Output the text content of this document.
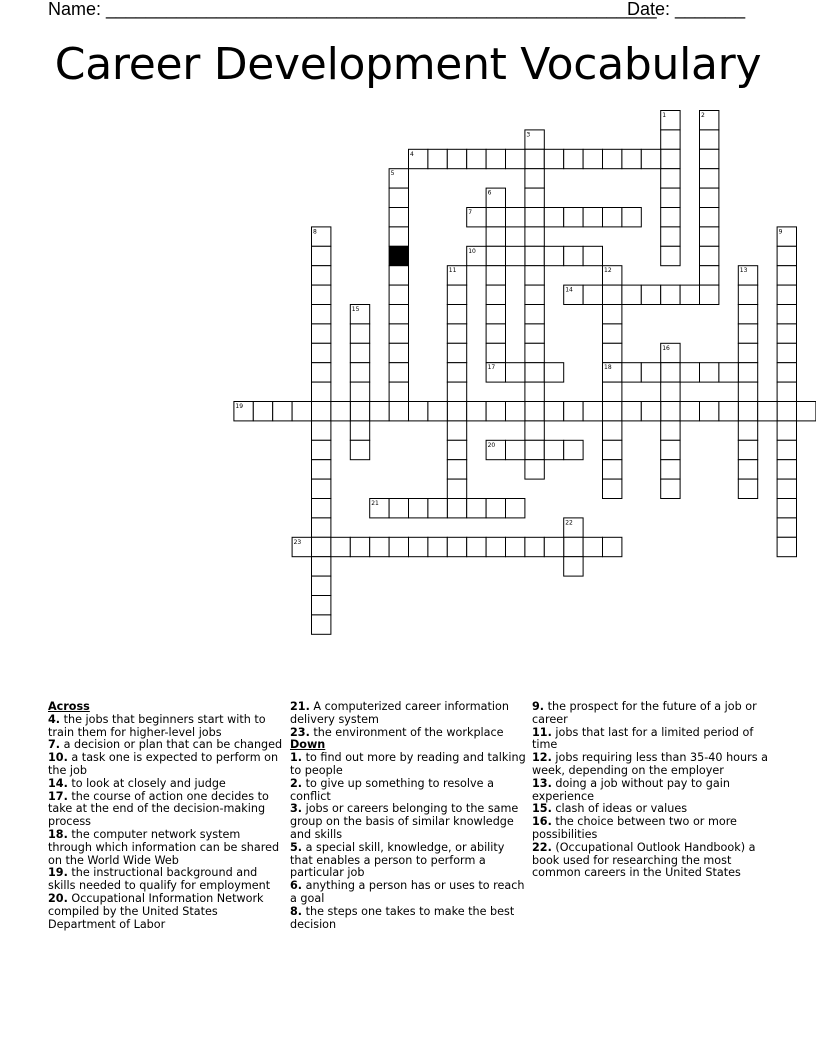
Name: _______________________________________________________
Date: _______
Career Development Vocabulary
1	2
3
4
5
6
7
8	9
10
11	12	13
14
15
16
17	18
19
20
21
22
23
Across
4. the jobs that beginners start with to train them for higher-level jobs
7. a decision or plan that can be changed
10. a task one is expected to perform on the job
14. to look at closely and judge
17. the course of action one decides to take at the end of the decision-making process
18. the computer network system through which information can be shared on the World Wide Web
19. the instructional background and skills needed to qualify for employment
20. Occupational Information Network compiled by the United States Department of Labor
21. A computerized career information delivery system
23. the environment of the workplace
Down
1. to find out more by reading and talking to people
2. to give up something to resolve a conflict
3. jobs or careers belonging to the same group on the basis of similar knowledge and skills
5. a special skill, knowledge, or ability that enables a person to perform a particular job
6. anything a person has or uses to reach a goal
8. the steps one takes to make the best decision
9. the prospect for the future of a job or career
11. jobs that last for a limited period of time
12. jobs requiring less than 35-40 hours a week, depending on the employer
13. doing a job without pay to gain experience
15. clash of ideas or values
16. the choice between two or more possibilities
22. (Occupational Outlook Handbook) a book used for researching the most common careers in the United States
